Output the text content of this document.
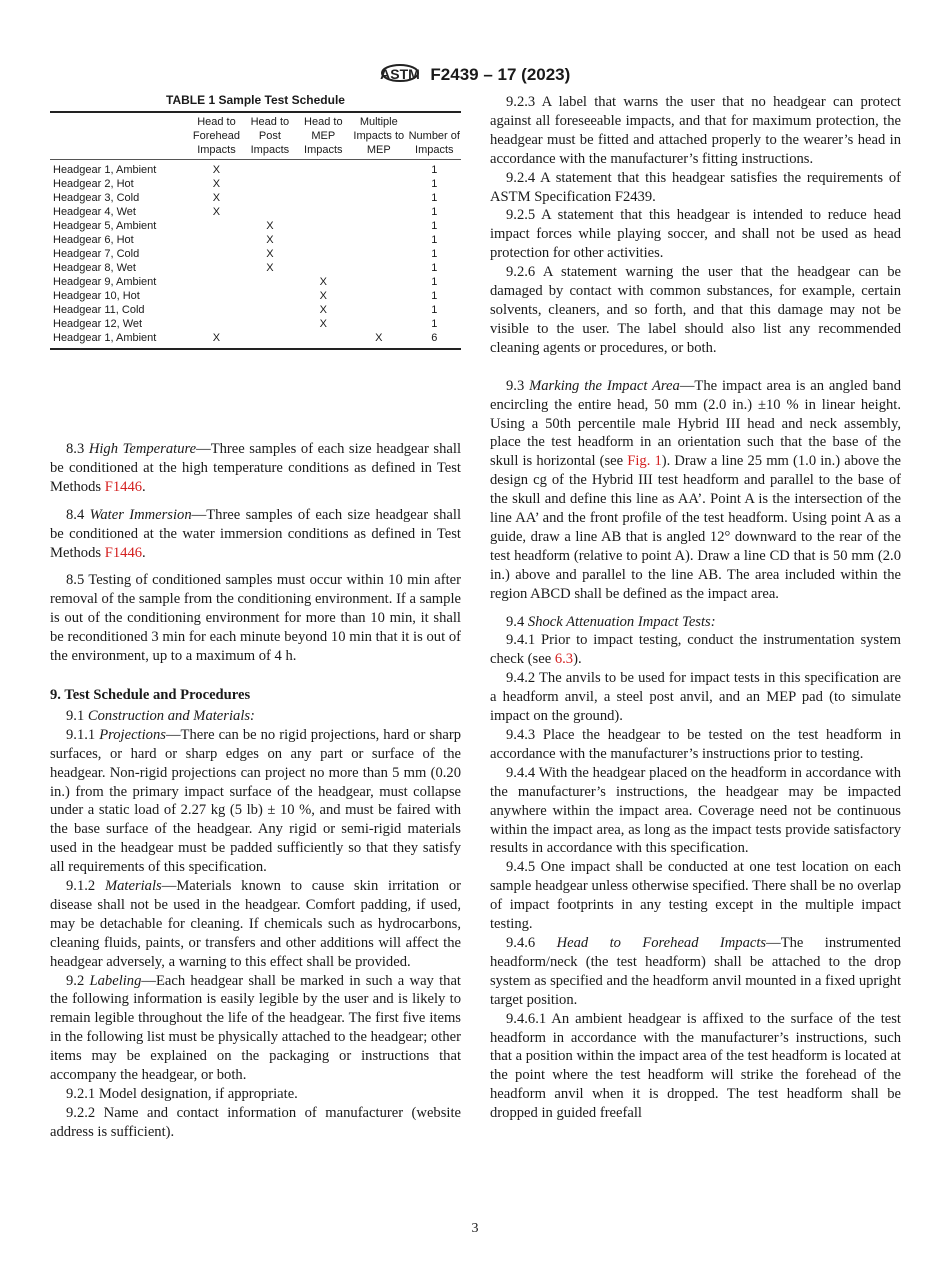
ASTM F2439 – 17 (2023)
TABLE 1 Sample Test Schedule
	Head to Forehead Impacts	Head to Post Impacts	Head to MEP Impacts	Multiple Impacts to MEP	Number of Impacts
Headgear 1, Ambient	X				1
Headgear 2, Hot	X				1
Headgear 3, Cold	X				1
Headgear 4, Wet	X				1
Headgear 5, Ambient		X			1
Headgear 6, Hot		X			1
Headgear 7, Cold		X			1
Headgear 8, Wet		X			1
Headgear 9, Ambient			X		1
Headgear 10, Hot			X		1
Headgear 11, Cold			X		1
Headgear 12, Wet			X		1
Headgear 1, Ambient	X			X	6

8.3 High Temperature—Three samples of each size headgear shall be conditioned at the high temperature conditions as defined in Test Methods F1446.

8.4 Water Immersion—Three samples of each size headgear shall be conditioned at the water immersion conditions as defined in Test Methods F1446.

8.5 Testing of conditioned samples must occur within 10 min after removal of the sample from the conditioning environment. If a sample is out of the conditioning environment for more than 10 min, it shall be reconditioned 3 min for each minute beyond 10 min that it is out of the environment, up to a maximum of 4 h.

9. Test Schedule and Procedures

9.1 Construction and Materials:

9.1.1 Projections—There can be no rigid projections, hard or sharp surfaces, or hard or sharp edges on any part or surface of the headgear. Non-rigid projections can project no more than 5 mm (0.20 in.) from the primary impact surface of the headgear, must collapse under a static load of 2.27 kg (5 lb) ± 10 %, and must be faired with the base surface of the headgear. Any rigid or semi-rigid materials used in the headgear must be padded sufficiently so that they satisfy all requirements of this specification.

9.1.2 Materials—Materials known to cause skin irritation or disease shall not be used in the headgear. Comfort padding, if used, may be detachable for cleaning. If chemicals such as hydrocarbons, cleaning fluids, paints, or transfers and other additions will affect the headgear adversely, a warning to this effect shall be provided.

9.2 Labeling—Each headgear shall be marked in such a way that the following information is easily legible by the user and is likely to remain legible throughout the life of the headgear. The first five items in the following list must be physically attached to the headgear; other items may be explained on the packaging or instructions that accompany the headgear, or both.

9.2.1 Model designation, if appropriate.

9.2.2 Name and contact information of manufacturer (website address is sufficient).

9.2.3 A label that warns the user that no headgear can protect against all foreseeable impacts, and that for maximum protection, the headgear must be fitted and attached properly to the wearer’s head in accordance with the manufacturer’s fitting instructions.

9.2.4 A statement that this headgear satisfies the requirements of ASTM Specification F2439.

9.2.5 A statement that this headgear is intended to reduce head impact forces while playing soccer, and shall not be used as head protection for other activities.

9.2.6 A statement warning the user that the headgear can be damaged by contact with common substances, for example, certain solvents, cleaners, and so forth, and that this damage may not be visible to the user. The label should also list any recommended cleaning agents or procedures, or both.

9.3 Marking the Impact Area—The impact area is an angled band encircling the entire head, 50 mm (2.0 in.) ±10 % in linear height. Using a 50th percentile male Hybrid III head and neck assembly, place the test headform in an orientation such that the base of the skull is horizontal (see Fig. 1). Draw a line 25 mm (1.0 in.) above the design cg of the Hybrid III test headform and parallel to the base of the skull and define this line as AA’. Point A is the intersection of the line AA’ and the front profile of the test headform. Using point A as a guide, draw a line AB that is angled 12° downward to the rear of the test headform (relative to point A). Draw a line CD that is 50 mm (2.0 in.) above and parallel to the line AB. The area included within the region ABCD shall be defined as the impact area.

9.4 Shock Attenuation Impact Tests:

9.4.1 Prior to impact testing, conduct the instrumentation system check (see 6.3).

9.4.2 The anvils to be used for impact tests in this specification are a headform anvil, a steel post anvil, and an MEP pad (to simulate impact on the ground).

9.4.3 Place the headgear to be tested on the test headform in accordance with the manufacturer’s instructions prior to testing.

9.4.4 With the headgear placed on the headform in accordance with the manufacturer’s instructions, the headgear may be impacted anywhere within the impact area. Coverage need not be continuous within the impact area, as long as the impact tests provide satisfactory results in accordance with this specification.

9.4.5 One impact shall be conducted at one test location on each sample headgear unless otherwise specified. There shall be no overlap of impact footprints in any testing except in the multiple impact testing.

9.4.6 Head to Forehead Impacts—The instrumented headform/neck (the test headform) shall be attached to the drop system as specified and the headform anvil mounted in a fixed upright target position.

9.4.6.1 An ambient headgear is affixed to the surface of the test headform in accordance with the manufacturer’s instructions, such that a position within the impact area of the test headform is located at the point where the test headform will strike the forehead of the headform anvil when it is dropped. The test headform shall be dropped in guided freefall

3
